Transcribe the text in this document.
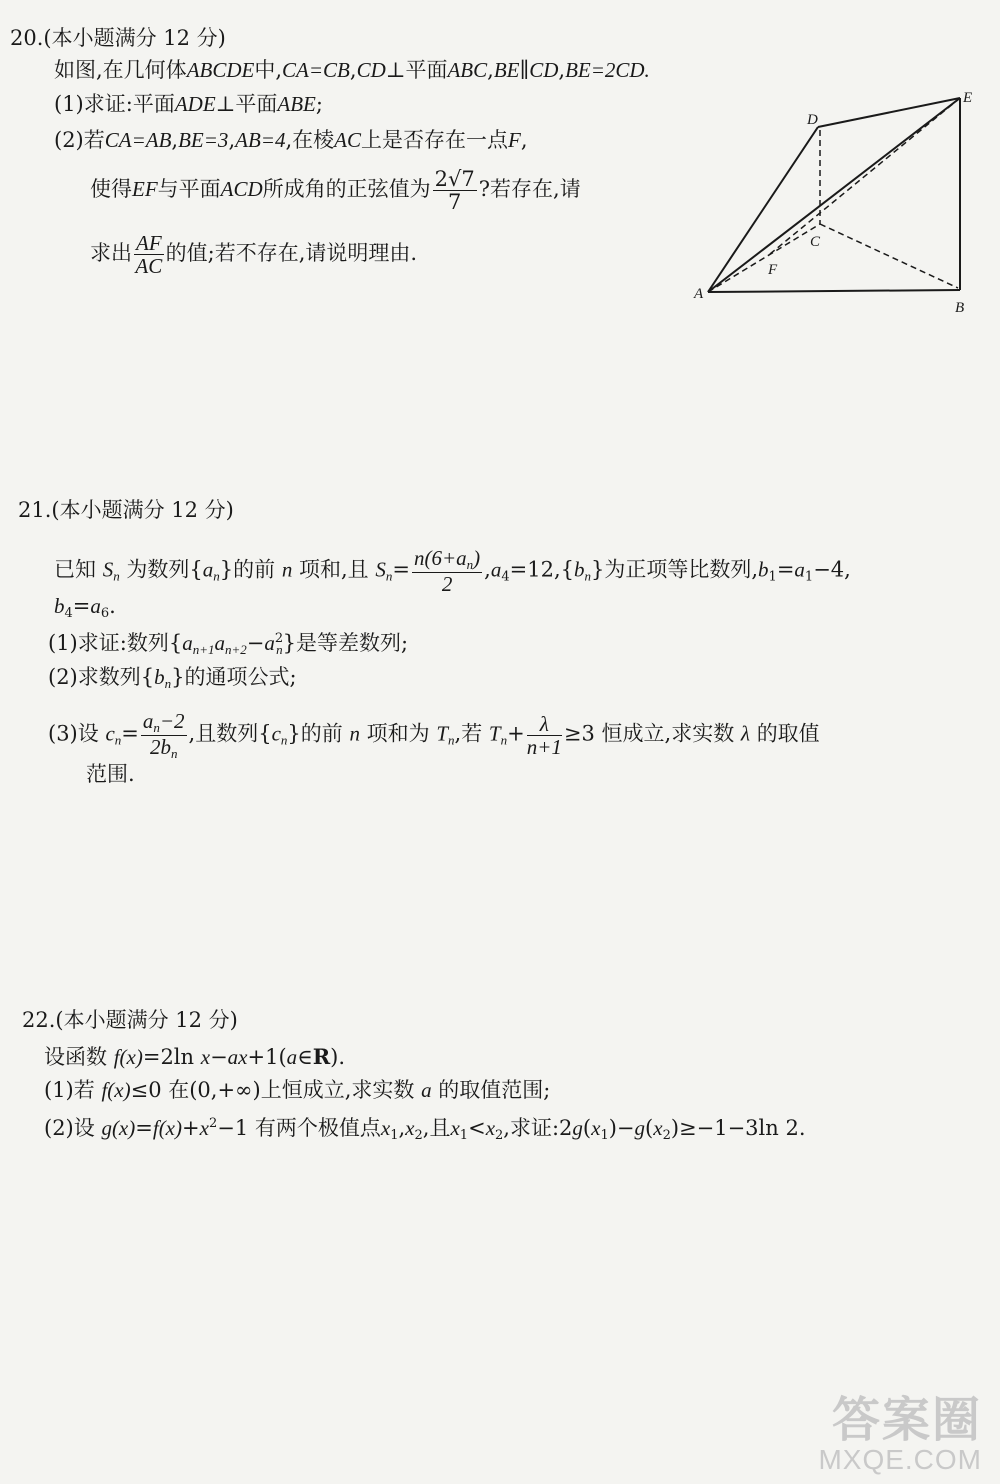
20.(本小题满分 12 分)
如图,在几何体ABCDE中,CA=CB,CD⊥平面ABC,BE∥CD,BE=2CD.
(1)求证:平面ADE⊥平面ABE;
(2)若CA=AB,BE=3,AB=4,在棱AC上是否存在一点F,
使得EF与平面ACD所成角的正弦值为 $\frac{2√7}{7}$ ?若存在,请
求出 $\frac{AF}{AC}$ 的值;若不存在,请说明理由.
A
B
C
D
E
F
21.(本小题满分 12 分)
已知 $S_n$ 为数列$\{a_n\}$的前 n 项和,且 $S_n= \frac{n(6+a_n)}{2} ,a_4=12,\{b_n\}$为正项等比数列$,b_1=a_1-4$,
$b_4=a_6$.
(1)求证:数列$\{a_{n+1}a_{n+2}-a^2_n\}$是等差数列;
(2)求数列$\{b_n\}$的通项公式;
(3)设 $c_n= \frac{a_n-2}{2b_n}$ ,且数列$\{c_n\}$的前 n 项和为 $T_n$,若 $T_n+ \frac{\lambda}{n+1} \ge 3$ 恒成立,求实数 λ 的取值
范围.
22.(本小题满分 12 分)
设函数 f(x)=2ln x−ax+1(a∈R).
(1)若 f(x)≤0 在(0,+∞)上恒成立,求实数 a 的取值范围;
(2)设 $g(x)=f(x)+x^2-1$ 有两个极值点$x_1,x_2$,且$x_1<x_2$,求证$:2g(x_1)-g(x_2)\ge-1-3\ln$ 2.
答案圈
MXQE.COM
